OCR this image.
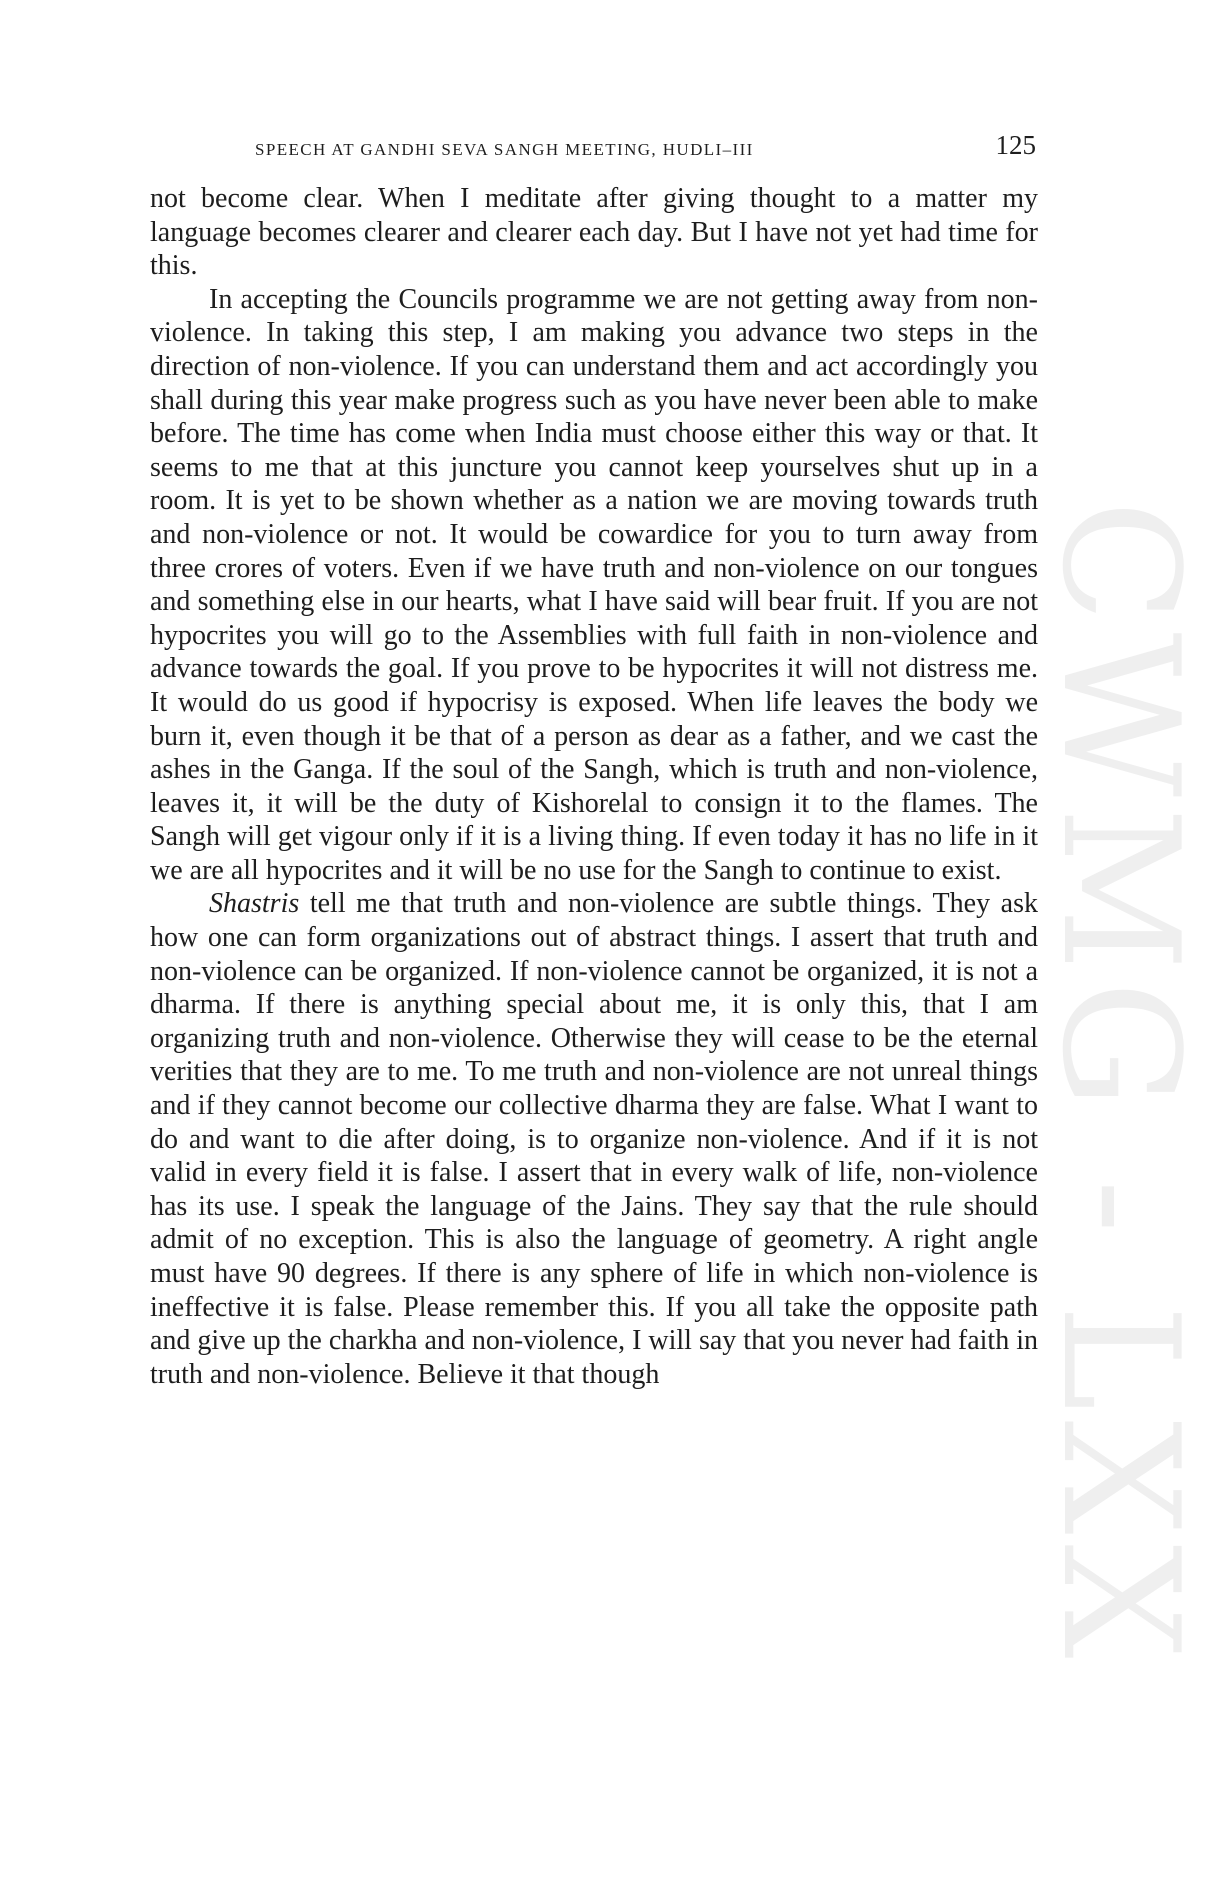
CWMG - LXX
SPEECH AT GANDHI SEVA SANGH MEETING, HUDLI–III	125

not become clear. When I meditate after giving thought to a matter my language becomes clearer and clearer each day. But I have not yet had time for this.

In accepting the Councils programme we are not getting away from non-violence. In taking this step, I am making you advance two steps in the direction of non-violence. If you can understand them and act accordingly you shall during this year make progress such as you have never been able to make before. The time has come when India must choose either this way or that. It seems to me that at this juncture you cannot keep yourselves shut up in a room. It is yet to be shown whether as a nation we are moving towards truth and non-violence or not. It would be cowardice for you to turn away from three crores of voters. Even if we have truth and non-violence on our tongues and something else in our hearts, what I have said will bear fruit. If you are not hypocrites you will go to the Assemblies with full faith in non-violence and advance towards the goal. If you prove to be hypocrites it will not distress me. It would do us good if hypocrisy is exposed. When life leaves the body we burn it, even though it be that of a person as dear as a father, and we cast the ashes in the Ganga. If the soul of the Sangh, which is truth and non-violence, leaves it, it will be the duty of Kishorelal to consign it to the flames. The Sangh will get vigour only if it is a living thing. If even today it has no life in it we are all hypocrites and it will be no use for the Sangh to continue to exist.

Shastris tell me that truth and non-violence are subtle things. They ask how one can form organizations out of abstract things. I assert that truth and non-violence can be organized. If non-violence cannot be organized, it is not a dharma. If there is anything special about me, it is only this, that I am organizing truth and non-violence. Otherwise they will cease to be the eternal verities that they are to me. To me truth and non-violence are not unreal things and if they cannot become our collective dharma they are false. What I want to do and want to die after doing, is to organize non-violence. And if it is not valid in every field it is false. I assert that in every walk of life, non-violence has its use. I speak the language of the Jains. They say that the rule should admit of no exception. This is also the language of geometry. A right angle must have 90 degrees. If there is any sphere of life in which non-violence is ineffective it is false. Please remember this. If you all take the opposite path and give up the charkha and non-violence, I will say that you never had faith in truth and non-violence. Believe it that though
